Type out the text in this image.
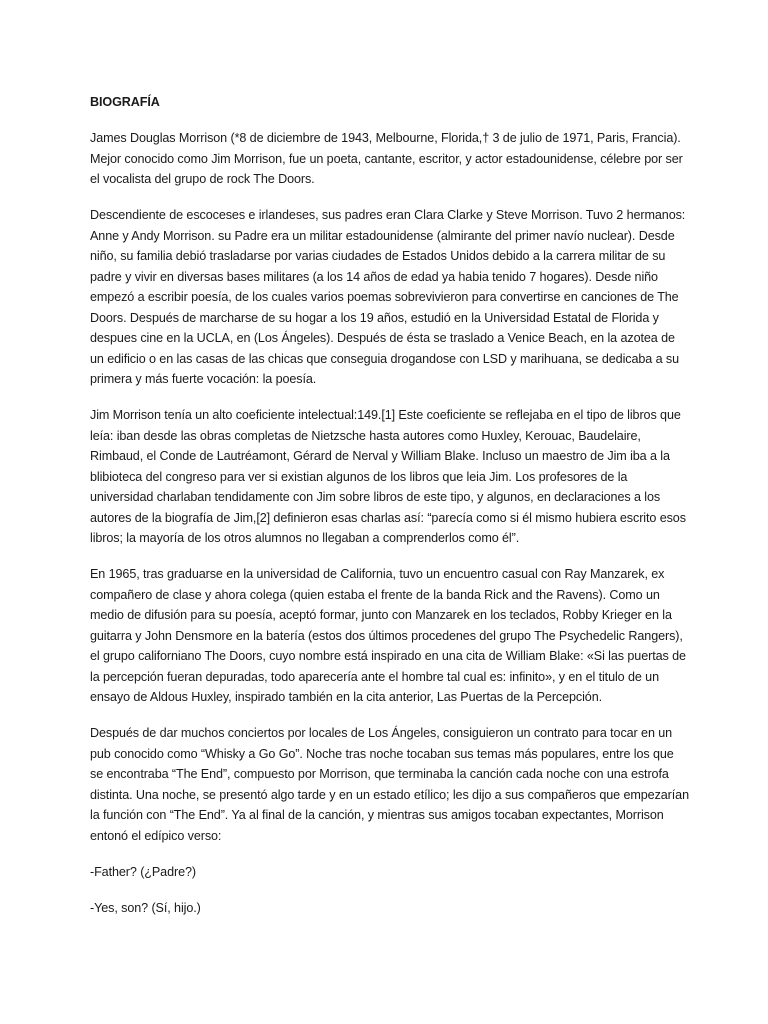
BIOGRAFÍA

James Douglas Morrison (*8 de diciembre de 1943, Melbourne, Florida,† 3 de julio de 1971, Paris, Francia). Mejor conocido como Jim Morrison, fue un poeta, cantante, escritor, y actor estadounidense, célebre por ser el vocalista del grupo de rock The Doors.

Descendiente de escoceses e irlandeses, sus padres eran Clara Clarke y Steve Morrison. Tuvo 2 hermanos: Anne y Andy Morrison. su Padre era un militar estadounidense (almirante del primer navío nuclear). Desde niño, su familia debió trasladarse por varias ciudades de Estados Unidos debido a la carrera militar de su padre y vivir en diversas bases militares (a los 14 años de edad ya habia tenido 7 hogares). Desde niño empezó a escribir poesía, de los cuales varios poemas sobrevivieron para convertirse en canciones de The Doors. Después de marcharse de su hogar a los 19 años, estudió en la Universidad Estatal de Florida y despues cine en la UCLA, en (Los Ángeles). Después de ésta se traslado a Venice Beach, en la azotea de un edificio o en las casas de las chicas que conseguia drogandose con LSD y marihuana, se dedicaba a su primera y más fuerte vocación: la poesía.

Jim Morrison tenía un alto coeficiente intelectual:149.[1] Este coeficiente se reflejaba en el tipo de libros que leía: iban desde las obras completas de Nietzsche hasta autores como Huxley, Kerouac, Baudelaire, Rimbaud, el Conde de Lautréamont, Gérard de Nerval y William Blake. Incluso un maestro de Jim iba a la blibioteca del congreso para ver si existian algunos de los libros que leia Jim. Los profesores de la universidad charlaban tendidamente con Jim sobre libros de este tipo, y algunos, en declaraciones a los autores de la biografía de Jim,[2] definieron esas charlas así: “parecía como si él mismo hubiera escrito esos libros; la mayoría de los otros alumnos no llegaban a comprenderlos como él”.

En 1965, tras graduarse en la universidad de California, tuvo un encuentro casual con Ray Manzarek, ex compañero de clase y ahora colega (quien estaba el frente de la banda Rick and the Ravens). Como un medio de difusión para su poesía, aceptó formar, junto con Manzarek en los teclados, Robby Krieger en la guitarra y John Densmore en la batería (estos dos últimos procedenes del grupo The Psychedelic Rangers), el grupo californiano The Doors, cuyo nombre está inspirado en una cita de William Blake: «Si las puertas de la percepción fueran depuradas, todo aparecería ante el hombre tal cual es: infinito», y en el titulo de un ensayo de Aldous Huxley, inspirado también en la cita anterior, Las Puertas de la Percepción.

Después de dar muchos conciertos por locales de Los Ángeles, consiguieron un contrato para tocar en un pub conocido como “Whisky a Go Go”. Noche tras noche tocaban sus temas más populares, entre los que se encontraba “The End”, compuesto por Morrison, que terminaba la canción cada noche con una estrofa distinta. Una noche, se presentó algo tarde y en un estado etílico; les dijo a sus compañeros que empezarían la función con “The End”. Ya al final de la canción, y mientras sus amigos tocaban expectantes, Morrison entonó el edípico verso:

-Father? (¿Padre?)

-Yes, son? (Sí, hijo.)
